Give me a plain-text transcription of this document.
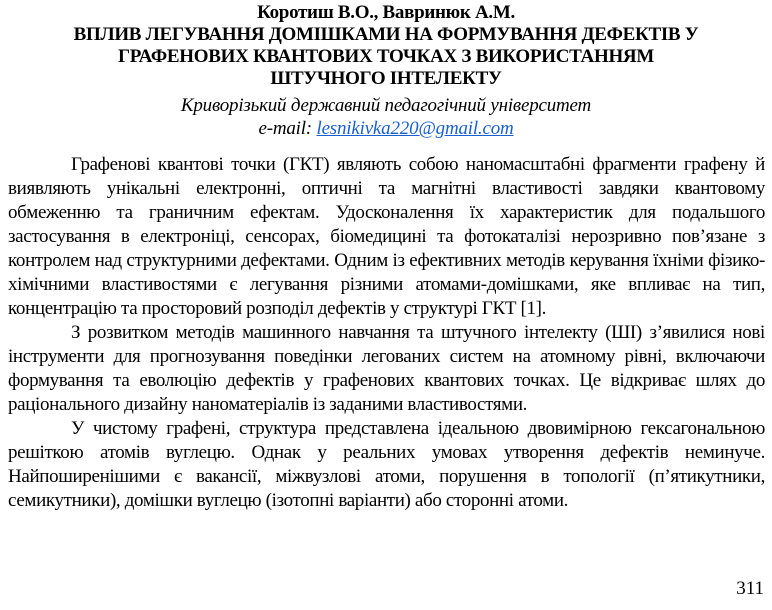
Коротиш В.О., Вавринюк А.М.
ВПЛИВ ЛЕГУВАННЯ ДОМІШКАМИ НА ФОРМУВАННЯ ДЕФЕКТІВ У
ГРАФЕНОВИХ КВАНТОВИХ ТОЧКАХ З ВИКОРИСТАННЯМ
ШТУЧНОГО ІНТЕЛЕКТУ
Криворізький державний педагогічний університет
e-mail: lesnikivka220@gmail.com

Графенові квантові точки (ГКТ) являють собою наномасштабні фрагменти графену й виявляють унікальні електронні, оптичні та магнітні властивості завдяки квантовому обмеженню та граничним ефектам. Удосконалення їх характеристик для подальшого застосування в електроніці, сенсорах, біомедицині та фотокаталізі нерозривно пов’язане з контролем над структурними дефектами. Одним із ефективних методів керування їхніми фізико-хімічними властивостями є легування різними атомами-домішками, яке впливає на тип, концентрацію та просторовий розподіл дефектів у структурі ГКТ [1].

З розвитком методів машинного навчання та штучного інтелекту (ШІ) з’явилися нові інструменти для прогнозування поведінки легованих систем на атомному рівні, включаючи формування та еволюцію дефектів у графенових квантових точках. Це відкриває шлях до раціонального дизайну наноматеріалів із заданими властивостями.

У чистому графені, структура представлена ідеальною двовимірною гексагональною решіткою атомів вуглецю. Однак у реальних умовах утворення дефектів неминуче. Найпоширенішими є вакансії, міжвузлові атоми, порушення в топології (п’ятикутники, семикутники), домішки вуглецю (ізотопні варіанти) або сторонні атоми.

311
